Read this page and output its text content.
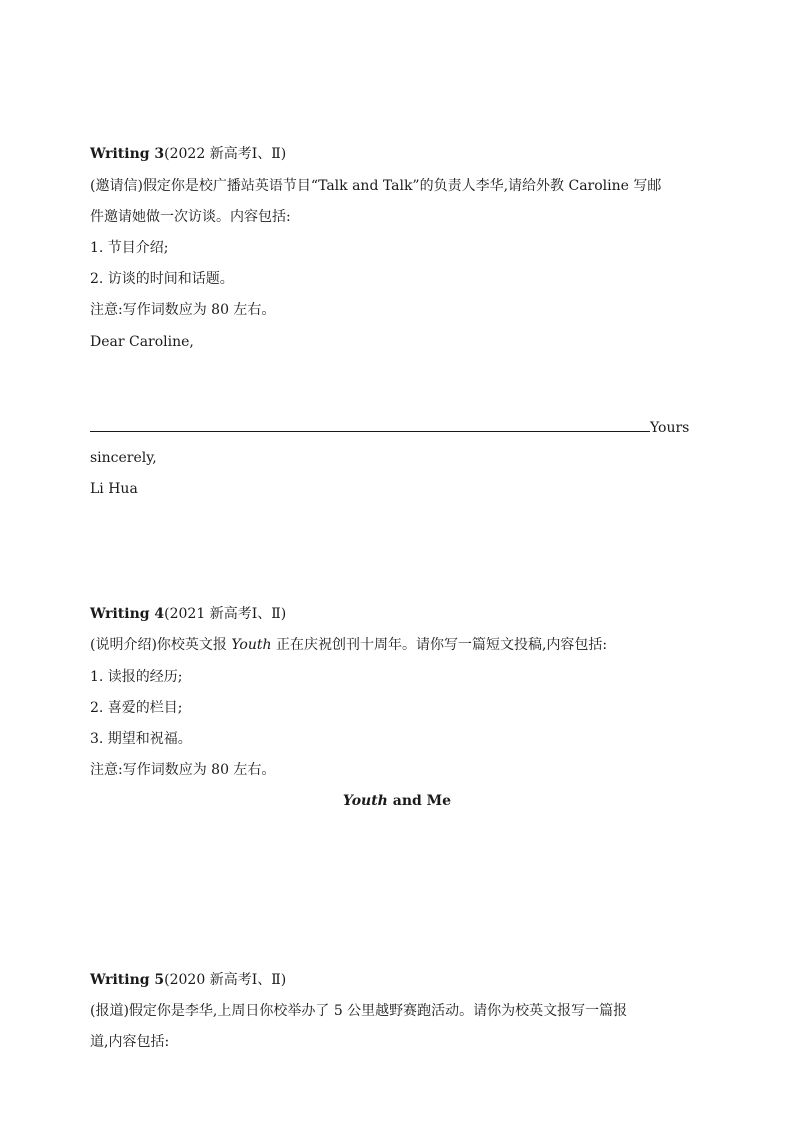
Writing 3(2022 新高考Ⅰ、Ⅱ)
(邀请信)假定你是校广播站英语节目“Talk and Talk”的负责人李华,请给外教 Caroline 写邮
件邀请她做一次访谈。内容包括:
1. 节目介绍;
2. 访谈的时间和话题。
注意:写作词数应为 80 左右。
Dear Caroline,
Yours
sincerely,
Li Hua
Writing 4(2021 新高考Ⅰ、Ⅱ)
(说明介绍)你校英文报 Youth 正在庆祝创刊十周年。请你写一篇短文投稿,内容包括:
1. 读报的经历;
2. 喜爱的栏目;
3. 期望和祝福。
注意:写作词数应为 80 左右。
Youth and Me
Writing 5(2020 新高考Ⅰ、Ⅱ)
(报道)假定你是李华,上周日你校举办了 5 公里越野赛跑活动。请你为校英文报写一篇报
道,内容包括:
